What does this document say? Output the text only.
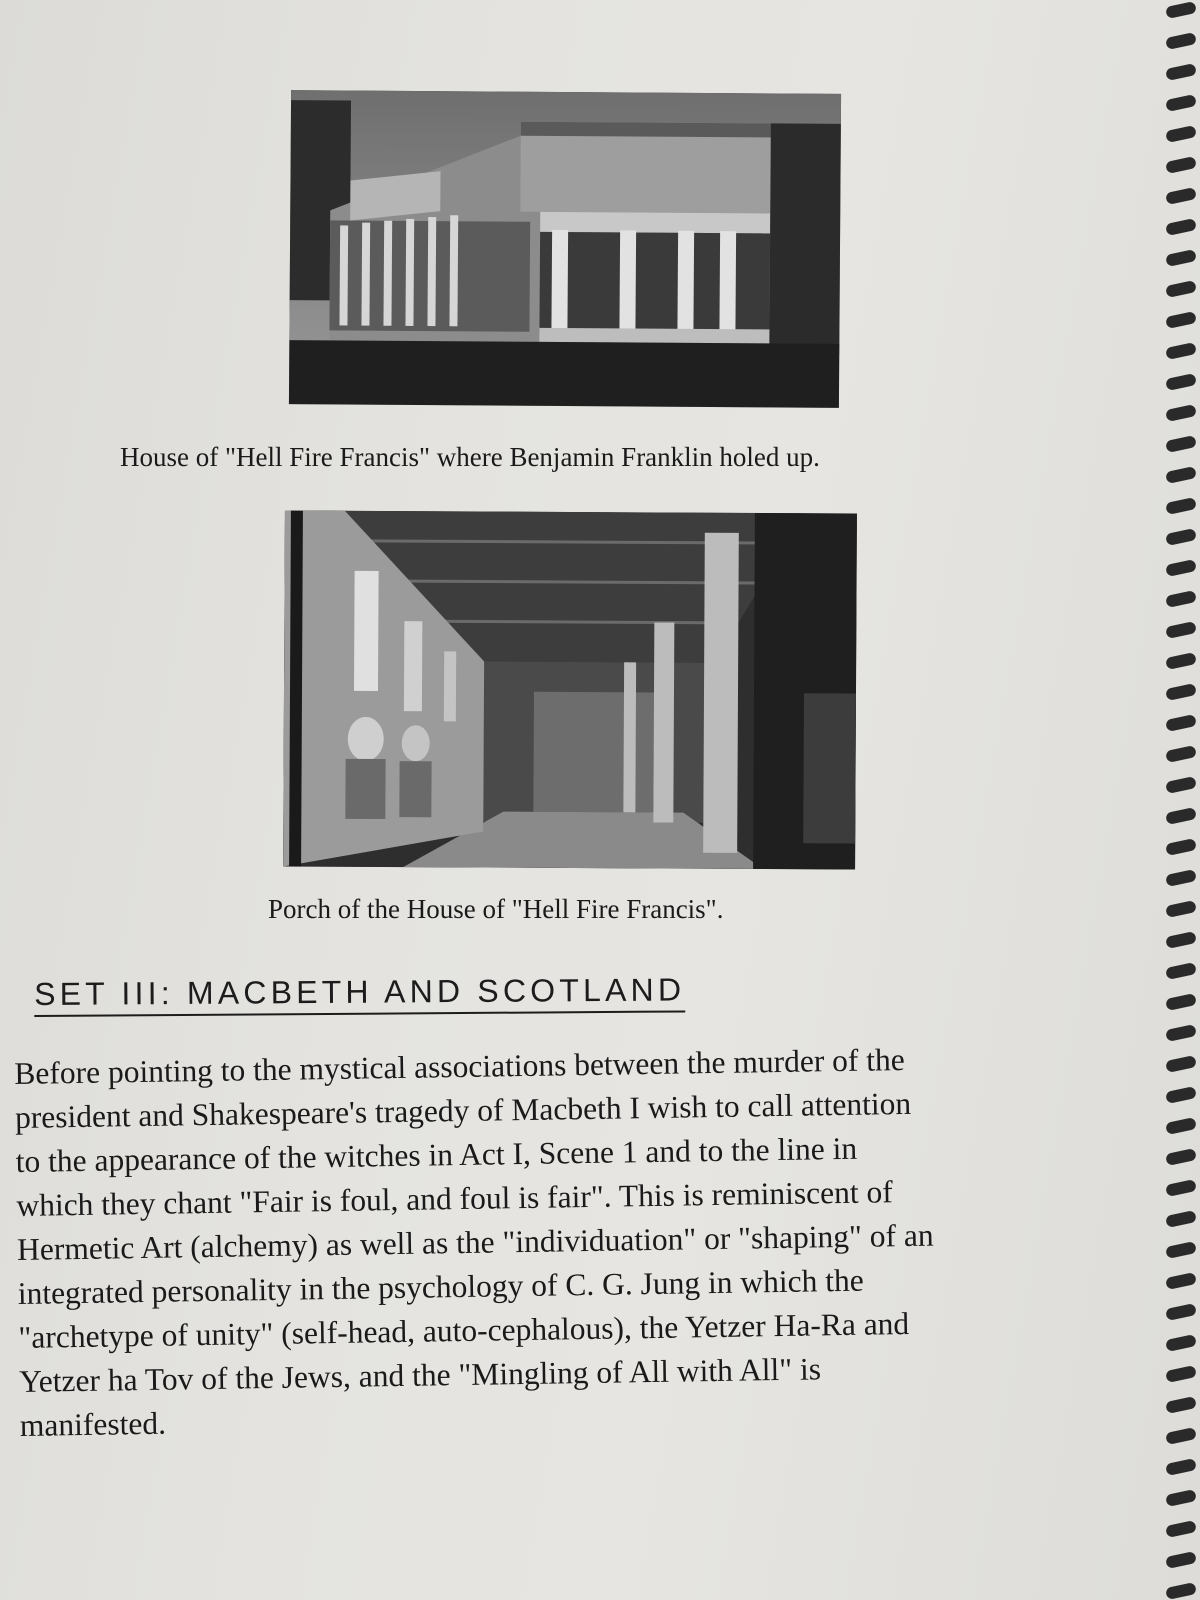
House of "Hell Fire Francis" where Benjamin Franklin holed up.
Porch of the House of "Hell Fire Francis".
SET III: MACBETH AND SCOTLAND
Before pointing to the mystical associations between the murder of the
president and Shakespeare's tragedy of Macbeth I wish to call attention
to the appearance of the witches in Act I, Scene 1 and to the line in
which they chant "Fair is foul, and foul is fair". This is reminiscent of
Hermetic Art (alchemy) as well as the "individuation" or "shaping" of an
integrated personality in the psychology of C. G. Jung in which the
"archetype of unity" (self-head, auto-cephalous), the Yetzer Ha-Ra and
Yetzer ha Tov of the Jews, and the "Mingling of All with All" is
manifested.
